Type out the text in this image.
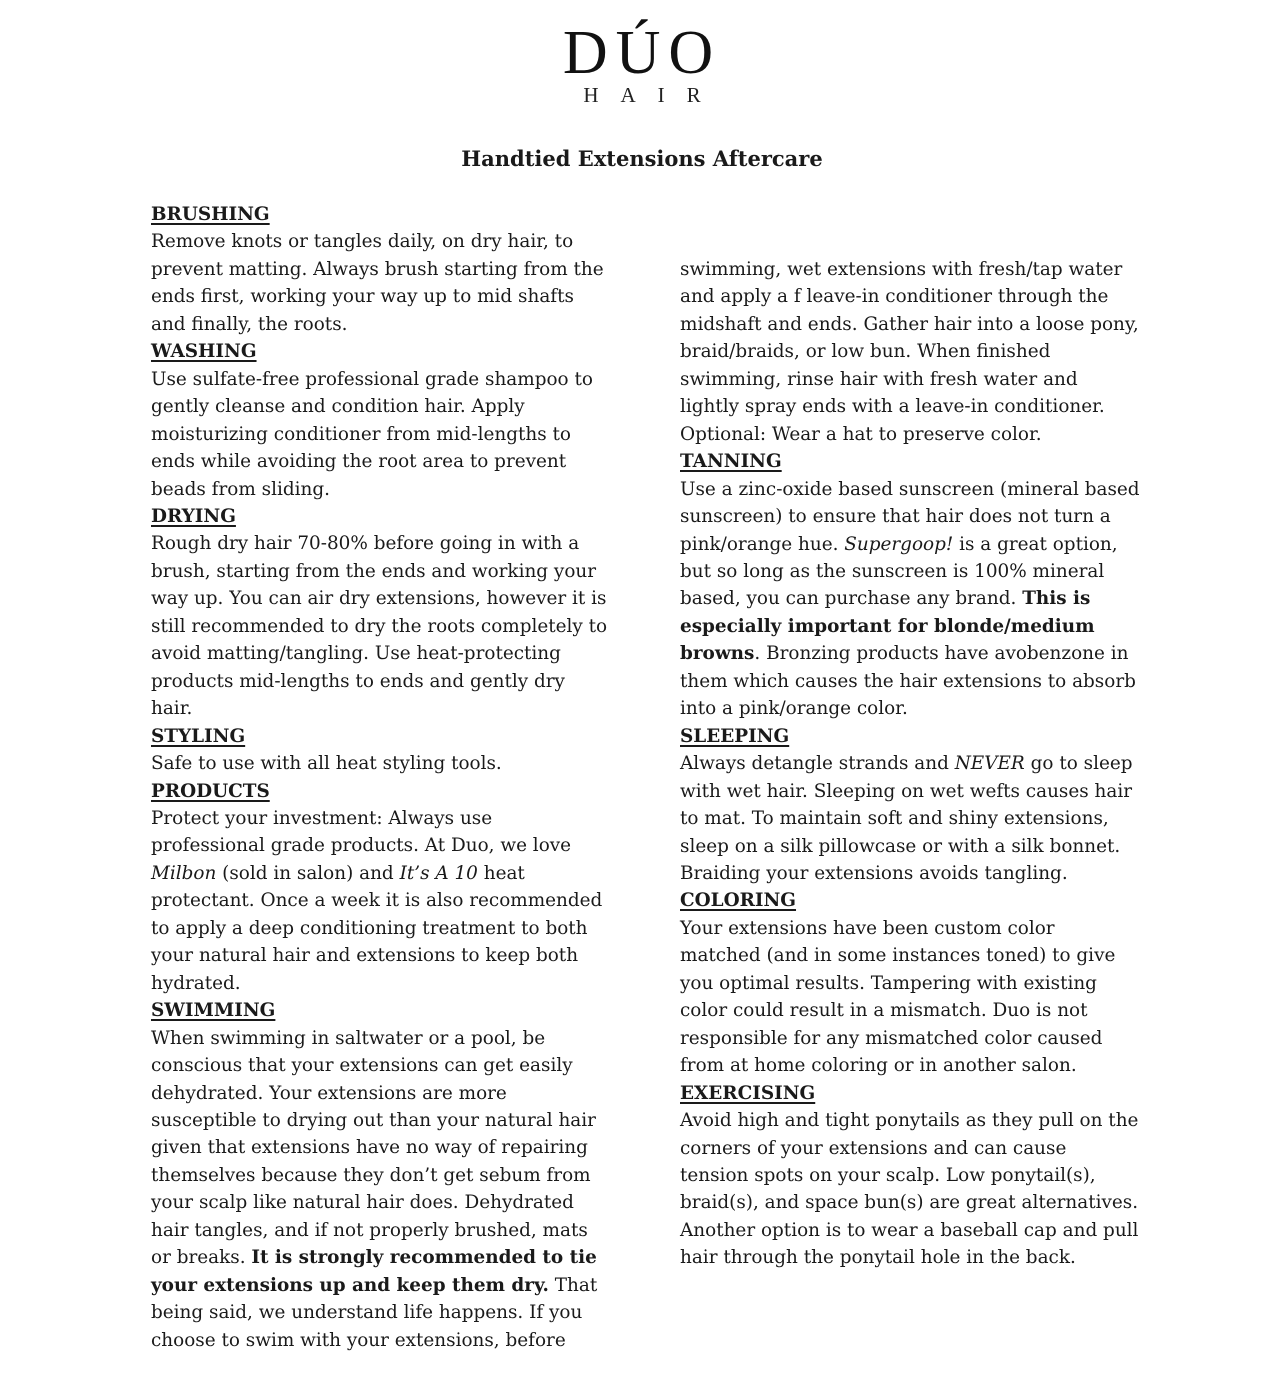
DÚO
HAIR
Handtied Extensions Aftercare

BRUSHING

Remove knots or tangles daily, on dry hair, to prevent matting. Always brush starting from the ends first, working your way up to mid shafts and finally, the roots.

WASHING

Use sulfate-free professional grade shampoo to gently cleanse and condition hair. Apply moisturizing conditioner from mid-lengths to ends while avoiding the root area to prevent beads from sliding.

DRYING

Rough dry hair 70-80% before going in with a brush, starting from the ends and working your way up. You can air dry extensions, however it is still recommended to dry the roots completely to avoid matting/tangling. Use heat-protecting products mid-lengths to ends and gently dry hair.

STYLING

Safe to use with all heat styling tools.

PRODUCTS

Protect your investment: Always use professional grade products. At Duo, we love Milbon (sold in salon) and It’s A 10 heat protectant. Once a week it is also recommended to apply a deep conditioning treatment to both your natural hair and extensions to keep both hydrated.

SWIMMING

When swimming in saltwater or a pool, be conscious that your extensions can get easily dehydrated. Your extensions are more susceptible to drying out than your natural hair given that extensions have no way of repairing themselves because they don’t get sebum from your scalp like natural hair does. Dehydrated hair tangles, and if not properly brushed, mats or breaks. It is strongly recommended to tie your extensions up and keep them dry. That being said, we understand life happens. If you choose to swim with your extensions, before

swimming, wet extensions with fresh/tap water and apply a f leave-in conditioner through the midshaft and ends. Gather hair into a loose pony, braid/braids, or low bun. When finished swimming, rinse hair with fresh water and lightly spray ends with a leave-in conditioner. Optional: Wear a hat to preserve color.

TANNING

Use a zinc-oxide based sunscreen (mineral based sunscreen) to ensure that hair does not turn a pink/orange hue. Supergoop! is a great option, but so long as the sunscreen is 100% mineral based, you can purchase any brand. This is especially important for blonde/medium browns. Bronzing products have avobenzone in them which causes the hair extensions to absorb into a pink/orange color.

SLEEPING

Always detangle strands and NEVER go to sleep with wet hair. Sleeping on wet wefts causes hair to mat. To maintain soft and shiny extensions, sleep on a silk pillowcase or with a silk bonnet. Braiding your extensions avoids tangling.

COLORING

Your extensions have been custom color matched (and in some instances toned) to give you optimal results. Tampering with existing color could result in a mismatch. Duo is not responsible for any mismatched color caused from at home coloring or in another salon.

EXERCISING

Avoid high and tight ponytails as they pull on the corners of your extensions and can cause tension spots on your scalp. Low ponytail(s), braid(s), and space bun(s) are great alternatives. Another option is to wear a baseball cap and pull hair through the ponytail hole in the back.
